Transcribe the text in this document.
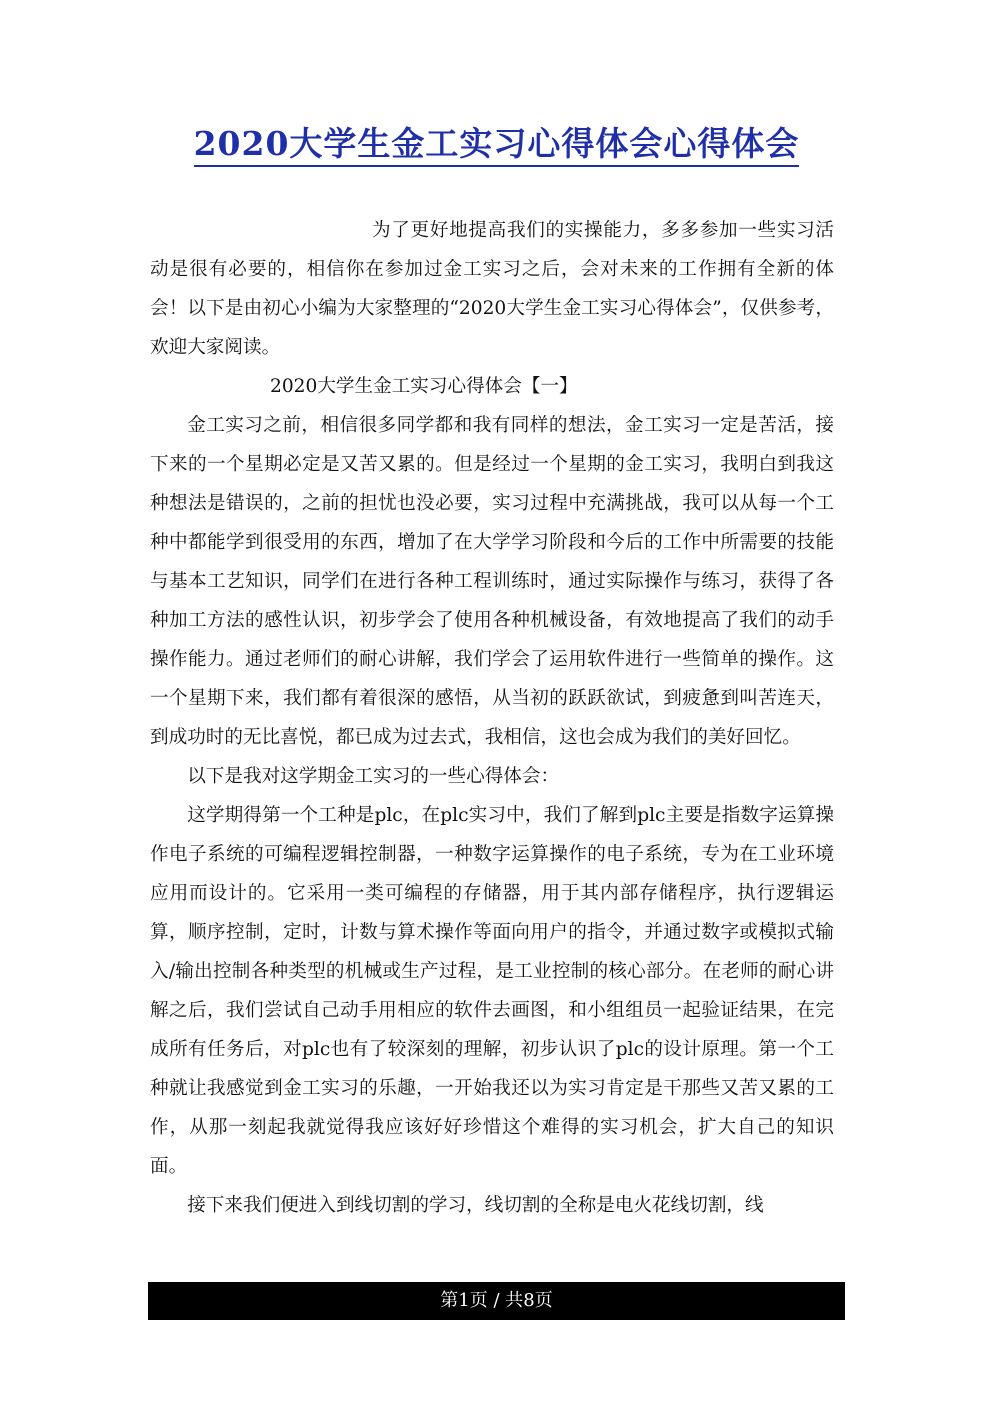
2020大学生金工实习心得体会心得体会

为了更好地提高我们的实操能力，多多参加一些实习活动是很有必要的，相信你在参加过金工实习之后，会对未来的工作拥有全新的体会！以下是由初心小编为大家整理的“2020大学生金工实习心得体会”，仅供参考，欢迎大家阅读。

2020大学生金工实习心得体会【一】

金工实习之前，相信很多同学都和我有同样的想法，金工实习一定是苦活，接下来的一个星期必定是又苦又累的。但是经过一个星期的金工实习，我明白到我这种想法是错误的，之前的担忧也没必要，实习过程中充满挑战，我可以从每一个工种中都能学到很受用的东西，增加了在大学学习阶段和今后的工作中所需要的技能与基本工艺知识，同学们在进行各种工程训练时，通过实际操作与练习，获得了各种加工方法的感性认识，初步学会了使用各种机械设备，有效地提高了我们的动手操作能力。通过老师们的耐心讲解，我们学会了运用软件进行一些简单的操作。这一个星期下来，我们都有着很深的感悟，从当初的跃跃欲试，到疲惫到叫苦连天，到成功时的无比喜悦，都已成为过去式，我相信，这也会成为我们的美好回忆。

以下是我对这学期金工实习的一些心得体会：

这学期得第一个工种是plc，在plc实习中，我们了解到plc主要是指数字运算操作电子系统的可编程逻辑控制器，一种数字运算操作的电子系统，专为在工业环境应用而设计的。它采用一类可编程的存储器，用于其内部存储程序，执行逻辑运算，顺序控制，定时，计数与算术操作等面向用户的指令，并通过数字或模拟式输入/输出控制各种类型的机械或生产过程，是工业控制的核心部分。在老师的耐心讲解之后，我们尝试自己动手用相应的软件去画图，和小组组员一起验证结果，在完成所有任务后，对plc也有了较深刻的理解，初步认识了plc的设计原理。第一个工种就让我感觉到金工实习的乐趣，一开始我还以为实习肯定是干那些又苦又累的工作，从那一刻起我就觉得我应该好好珍惜这个难得的实习机会，扩大自己的知识面。

接下来我们便进入到线切割的学习，线切割的全称是电火花线切割，线

第1页 / 共8页
